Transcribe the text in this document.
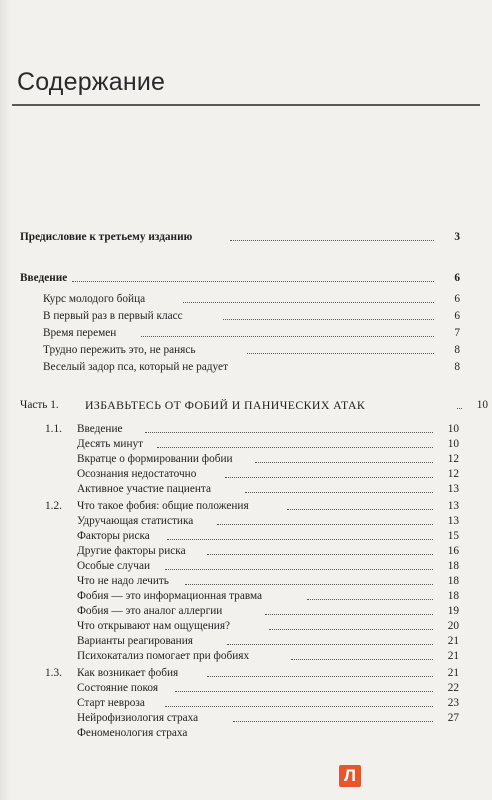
Содержание
Предисловие к третьему изданию	3
Введение	6
Курс молодого бойца	6
В первый раз в первый класс	6
Время перемен	7
Трудно пережить это, не ранясь	8
Веселый задор пса, который не радует	8
Часть 1. ИЗБАВЬТЕСЬ ОТ ФОБИЙ И ПАНИЧЕСКИХ АТАК	10
1.1. Введение	10
Десять минут	10
Вкратце о формировании фобии	12
Осознания недостаточно	12
Активное участие пациента	13
1.2. Что такое фобия: общие положения	13
Удручающая статистика	13
Факторы риска	15
Другие факторы риска	16
Особые случаи	18
Что не надо лечить	18
Фобия — это информационная травма	18
Фобия — это аналог аллергии	19
Что открывают нам ощущения?	20
Варианты реагирования	21
Психокатализ помогает при фобиях	21
1.3. Как возникает фобия	21
Состояние покоя	22
Старт невроза	23
Нейрофизиология страха	27
Феноменология страха
Л
